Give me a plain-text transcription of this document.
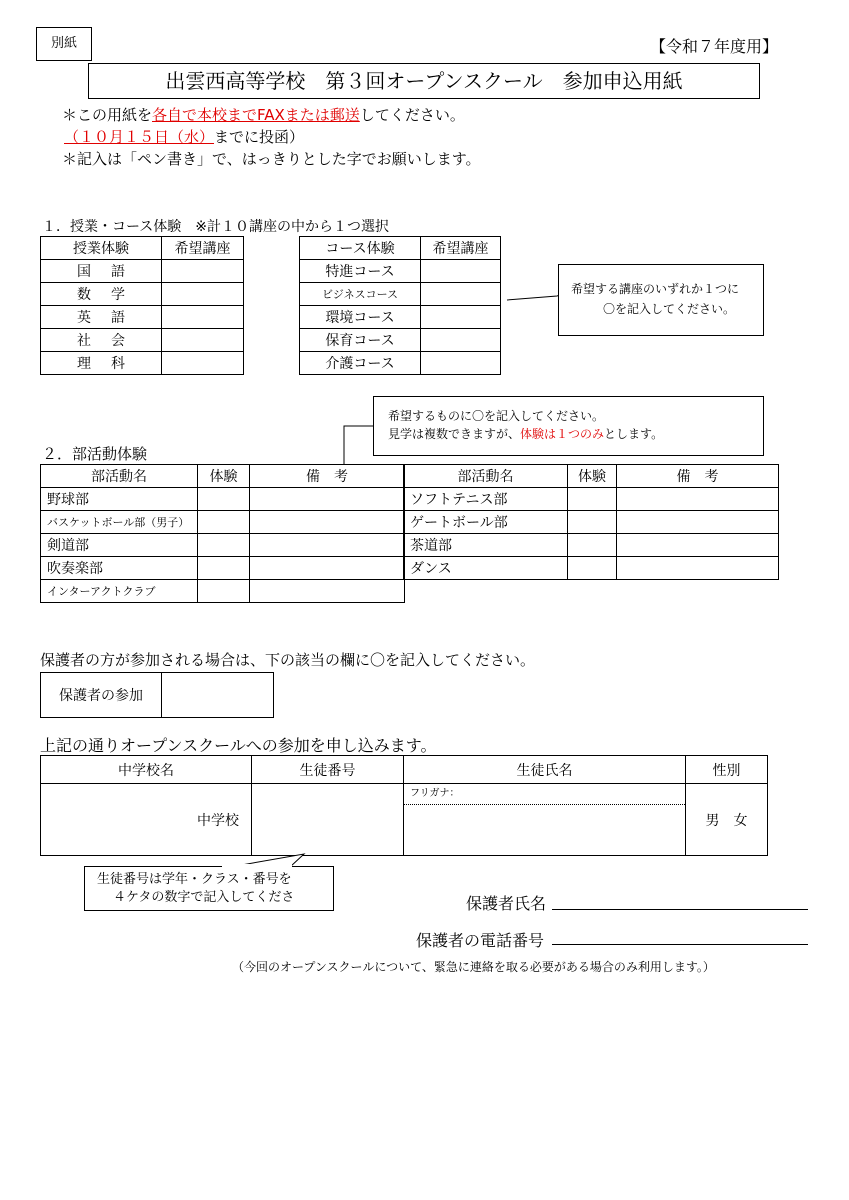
別紙	【令和７年度用】
出雲西高等学校　第３回オープンスクール　参加申込用紙
＊この用紙を各自で本校までFAXまたは郵送してください。
（１０月１５日（水）までに投函）
＊記入は「ペン書き」で、はっきりとした字でお願いします。
１．授業・コース体験　※計１０講座の中から１つ選択
授業体験	希望講座
国　語	
数　学	
英　語	
社　会	
理　科	
コース体験	希望講座
特進コース	
ビジネスコース	
環境コース	
保育コース	
介護コース	
希望する講座のいずれか１つに
〇を記入してください。
希望するものに〇を記入してください。
見学は複数できますが、体験は１つのみとします。
２．部活動体験
部活動名	体験	備　考
野球部		
バスケットボール部（男子）		
剣道部		
吹奏楽部		
インターアクトクラブ		
部活動名	体験	備　考
ソフトテニス部		
ゲートボール部		
茶道部		
ダンス		
保護者の方が参加される場合は、下の該当の欄に〇を記入してください。
保護者の参加	
上記の通りオープンスクールへの参加を申し込みます。
中学校名	生徒番号	生徒氏名	性別
中学校		フリガナ：	男　女
生徒番号は学年・クラス・番号を
４ケタの数字で記入してくださ	保護者氏名
保護者の電話番号
（今回のオープンスクールについて、緊急に連絡を取る必要がある場合のみ利用します。）
